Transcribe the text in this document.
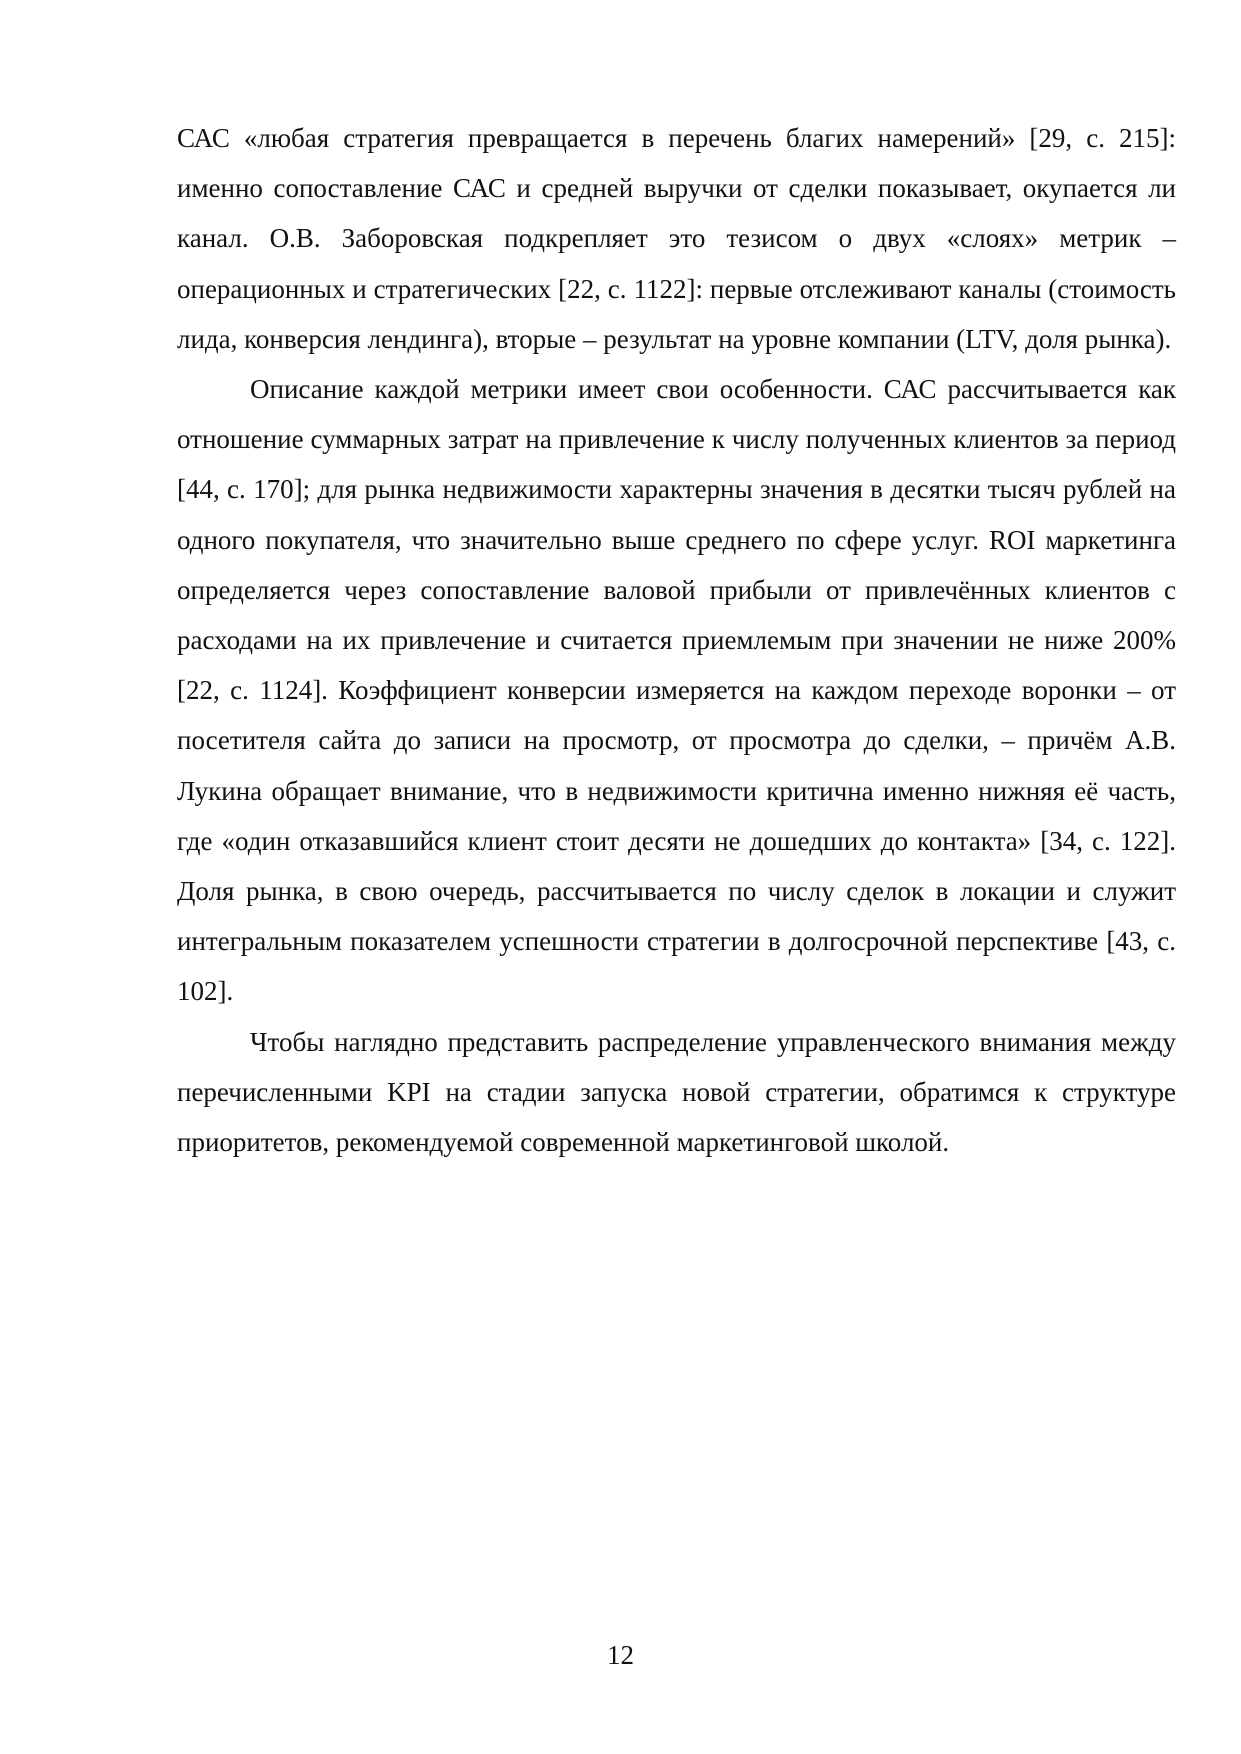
САС «любая стратегия превращается в перечень благих намерений» [29, с. 215]: именно сопоставление САС и средней выручки от сделки показывает, окупается ли канал. О.В. Заборовская подкрепляет это тезисом о двух «слоях» метрик – операционных и стратегических [22, с. 1122]: первые отслеживают каналы (стоимость лида, конверсия лендинга), вторые – результат на уровне компании (LTV, доля рынка).

Описание каждой метрики имеет свои особенности. САС рассчитывается как отношение суммарных затрат на привлечение к числу полученных клиентов за период [44, с. 170]; для рынка недвижимости характерны значения в десятки тысяч рублей на одного покупателя, что значительно выше среднего по сфере услуг. ROI маркетинга определяется через сопоставление валовой прибыли от привлечённых клиентов с расходами на их привлечение и считается приемлемым при значении не ниже 200% [22, с. 1124]. Коэффициент конверсии измеряется на каждом переходе воронки – от посетителя сайта до записи на просмотр, от просмотра до сделки, – причём А.В. Лукина обращает внимание, что в недвижимости критична именно нижняя её часть, где «один отказавшийся клиент стоит десяти не дошедших до контакта» [34, с. 122]. Доля рынка, в свою очередь, рассчитывается по числу сделок в локации и служит интегральным показателем успешности стратегии в долгосрочной перспективе [43, с. 102].

Чтобы наглядно представить распределение управленческого внимания между перечисленными KPI на стадии запуска новой стратегии, обратимся к структуре приоритетов, рекомендуемой современной маркетинговой школой.

12
